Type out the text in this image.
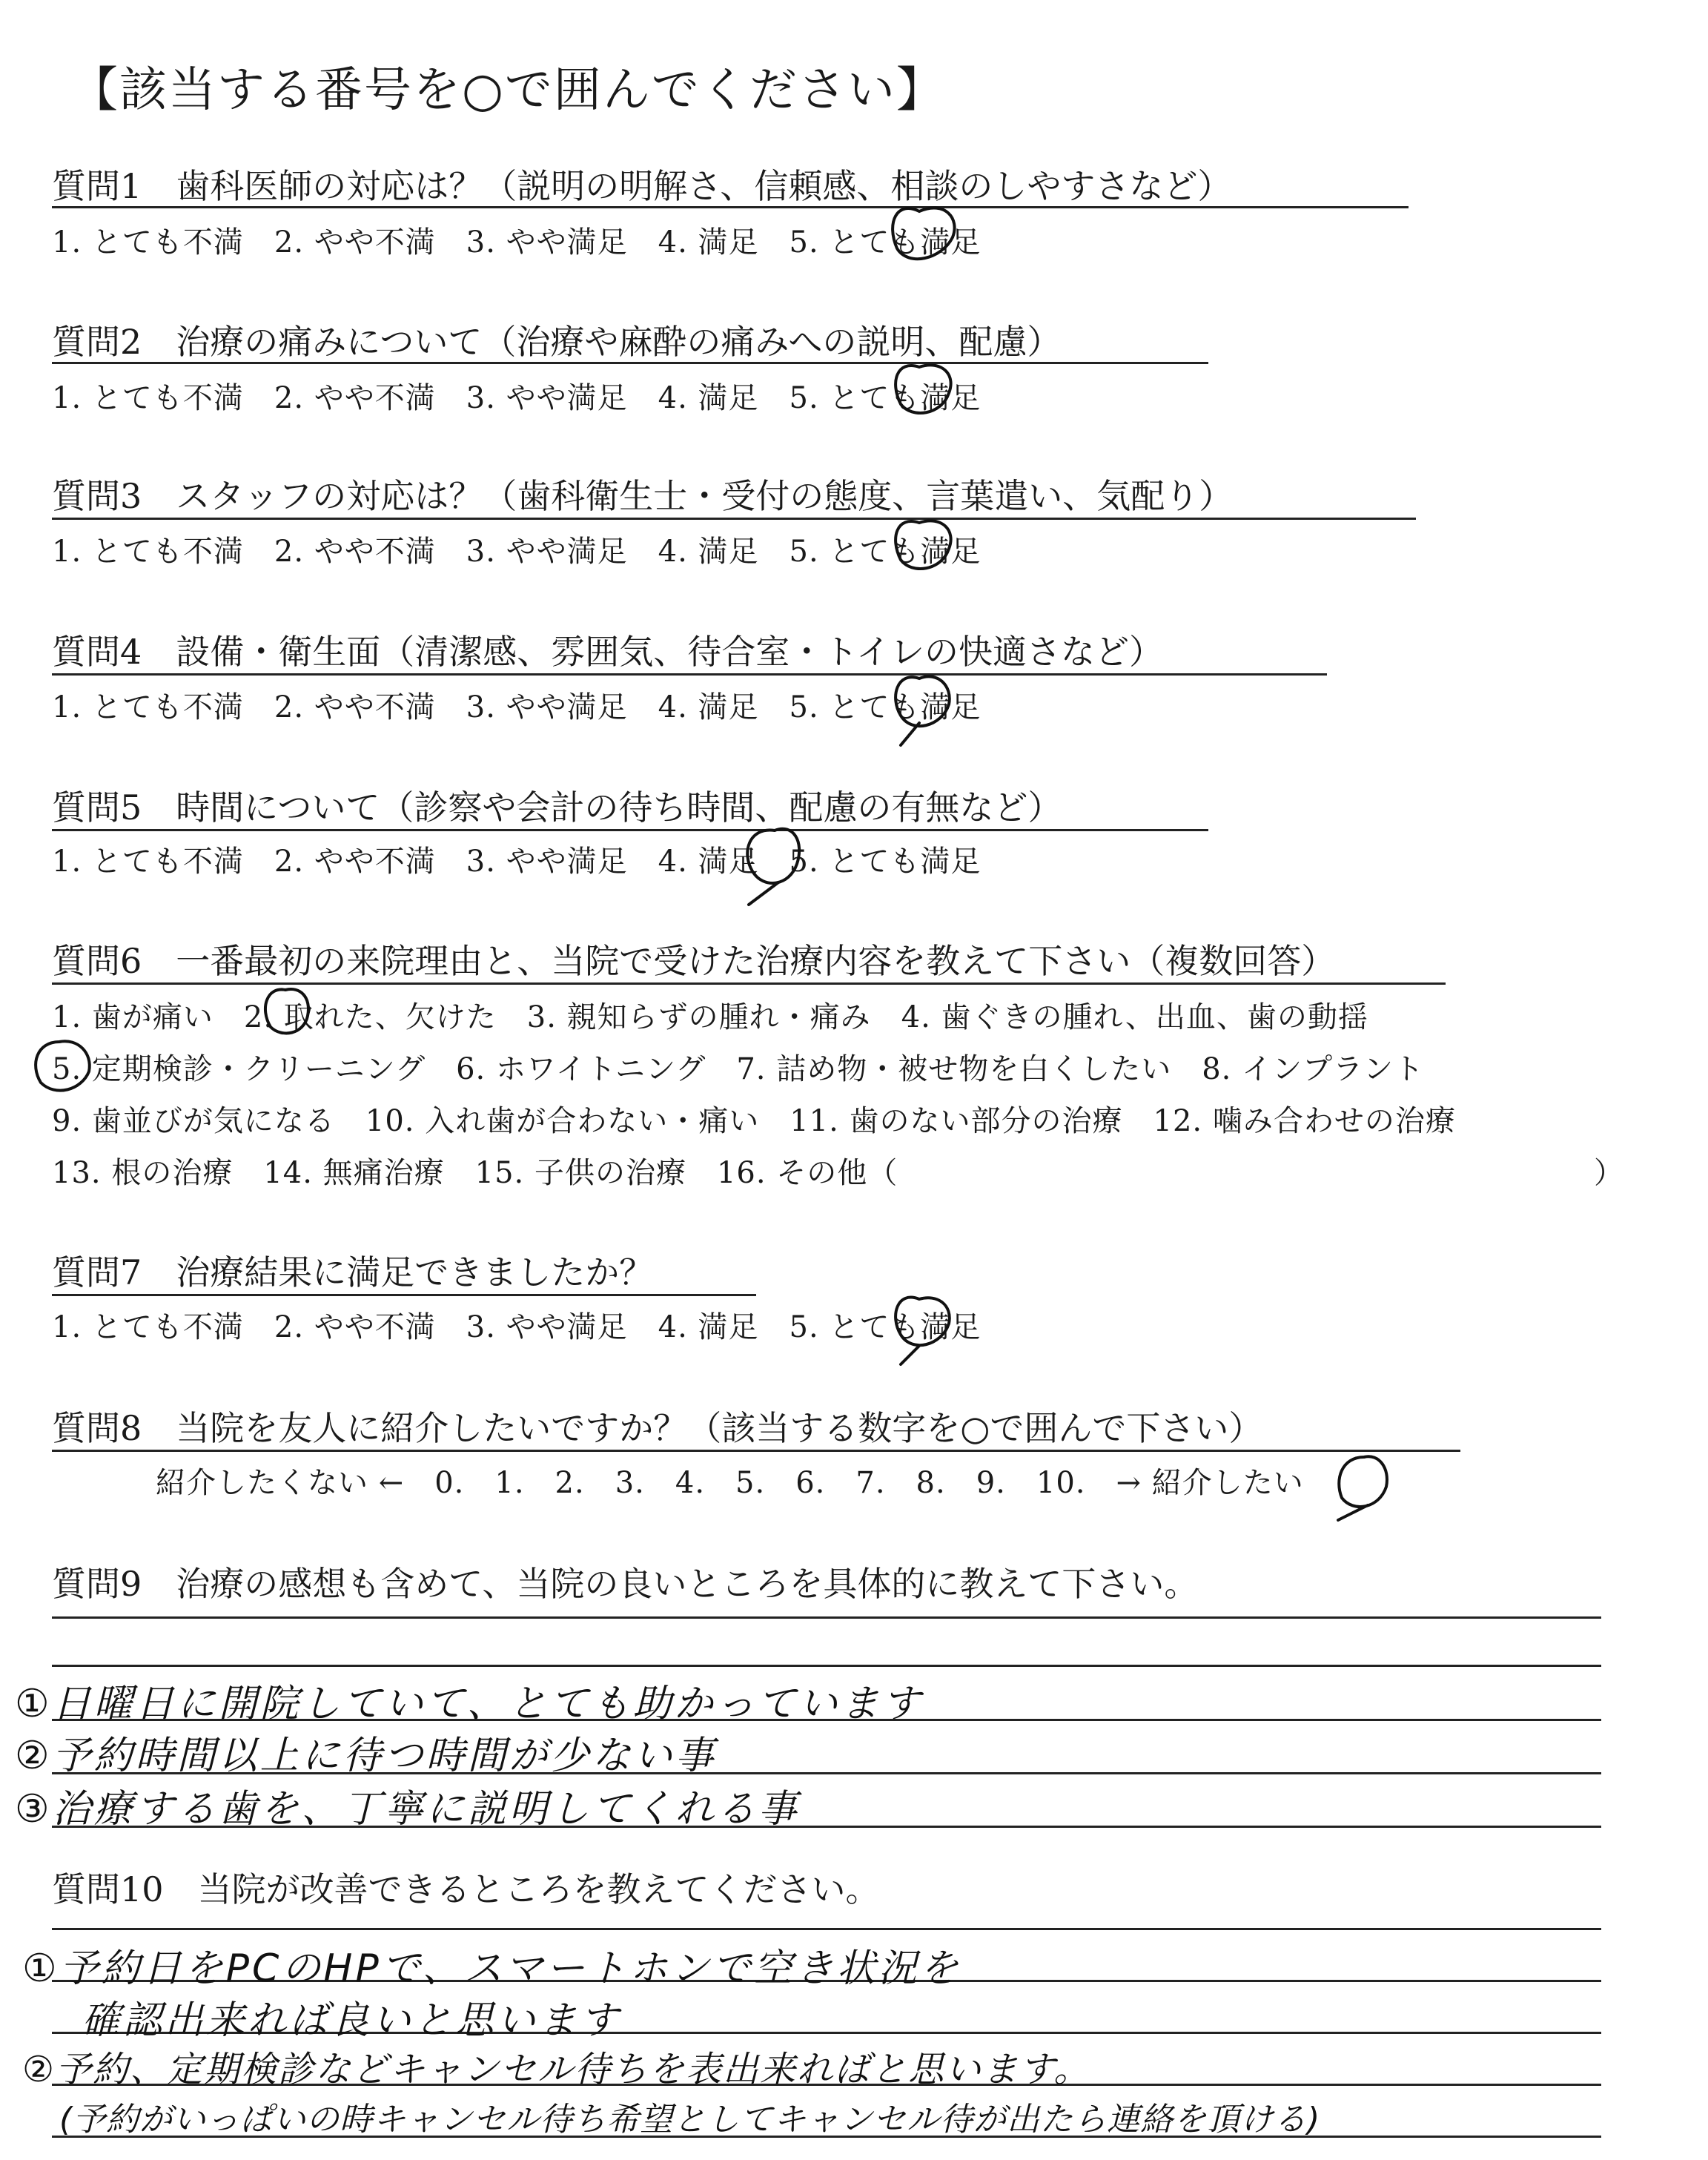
【該当する番号を○で囲んでください】
質問1　歯科医師の対応は？（説明の明解さ、信頼感、相談のしやすさなど）
1. とても不満　2. やや不満　3. やや満足　4. 満足　5. とても満足
質問2　治療の痛みについて（治療や麻酔の痛みへの説明、配慮）
1. とても不満　2. やや不満　3. やや満足　4. 満足　5. とても満足
質問3　スタッフの対応は？（歯科衛生士・受付の態度、言葉遣い、気配り）
1. とても不満　2. やや不満　3. やや満足　4. 満足　5. とても満足
質問4　設備・衛生面（清潔感、雰囲気、待合室・トイレの快適さなど）
1. とても不満　2. やや不満　3. やや満足　4. 満足　5. とても満足
質問5　時間について（診察や会計の待ち時間、配慮の有無など）
1. とても不満　2. やや不満　3. やや満足　4. 満足　5. とても満足
質問6　一番最初の来院理由と、当院で受けた治療内容を教えて下さい（複数回答）
1. 歯が痛い　2. 取れた、欠けた　3. 親知らずの腫れ・痛み　4. 歯ぐきの腫れ、出血、歯の動揺
5. 定期検診・クリーニング　6. ホワイトニング　7. 詰め物・被せ物を白くしたい　8. インプラント
9. 歯並びが気になる　10. 入れ歯が合わない・痛い　11. 歯のない部分の治療　12. 噛み合わせの治療
13. 根の治療　14. 無痛治療　15. 子供の治療　16. その他（	）
質問7　治療結果に満足できましたか？
1. とても不満　2. やや不満　3. やや満足　4. 満足　5. とても満足
質問8　当院を友人に紹介したいですか？（該当する数字を○で囲んで下さい）
紹介したくない ←　0.　1.　2.　3.　4.　5.　6.　7.　8.　9.　10.　→ 紹介したい
質問9　治療の感想も含めて、当院の良いところを具体的に教えて下さい。
①日曜日に開院していて、とても助かっています
②予約時間以上に待つ時間が少ない事
③治療する歯を、丁寧に説明してくれる事
質問10　当院が改善できるところを教えてください。
①予約日をPCのHPで、スマートホンで空き状況を
確認出来れば良いと思います
②予約、定期検診などキャンセル待ちを表出来ればと思います。
(予約がいっぱいの時キャンセル待ち希望としてキャンセル待が出たら連絡を頂ける)
